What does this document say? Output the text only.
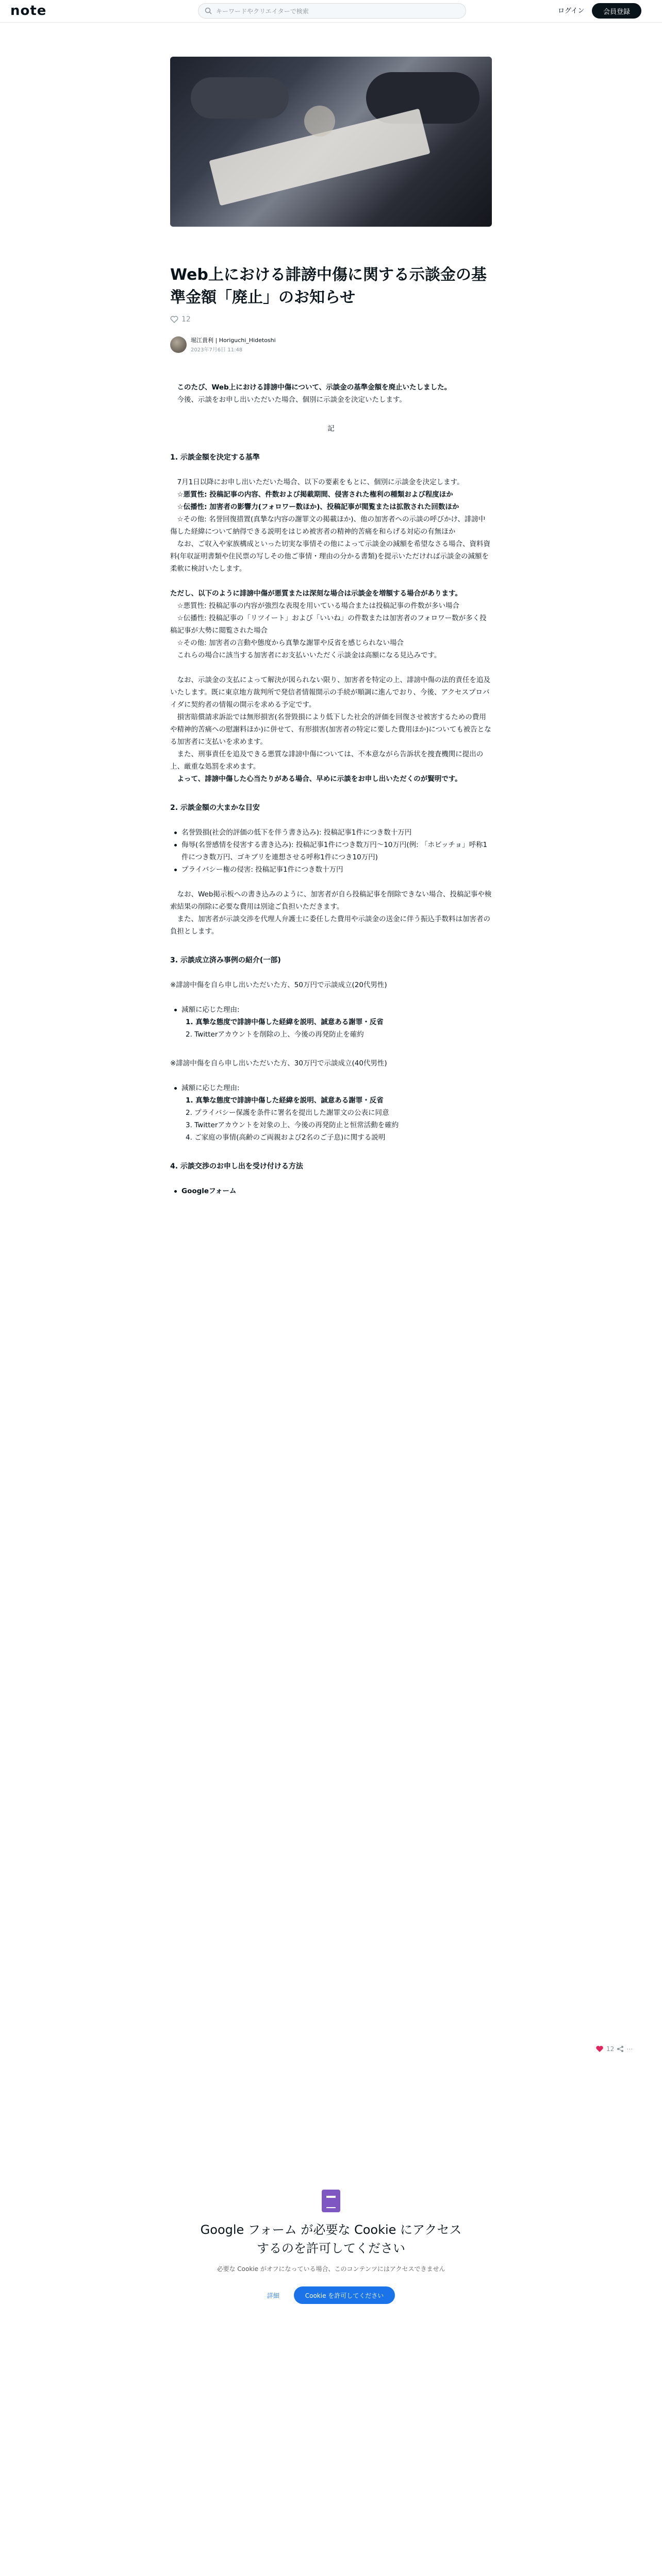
note	キーワードやクリエイターで検索	ログイン	会員登録
Web上における誹謗中傷に関する示談金の基準金額「廃止」のお知らせ
12
堀江貴利 | Horiguchi_Hidetoshi
2023年7月6日 11:48

このたび、Web上における誹謗中傷について、示談金の基準金額を廃止いたしました。

今後、示談をお申し出いただいた場合、個別に示談金を決定いたします。

記

1. 示談金額を決定する基準

7月1日以降にお申し出いただいた場合、以下の要素をもとに、個別に示談金を決定します。

☆悪質性: 投稿記事の内容、件数および掲載期間、侵害された権利の種類および程度ほか

☆伝播性: 加害者の影響力(フォロワー数ほか)、投稿記事が閲覧または拡散された回数ほか

☆その他: 名誉回復措置(真摯な内容の謝罪文の掲載ほか)、他の加害者への示談の呼びかけ、誹謗中傷した経緯について納得できる説明をはじめ被害者の精神的苦痛を和らげる対応の有無ほか

なお、ご収入や家族構成といった切実な事情その他によって示談金の減額を希望なさる場合、資料資料(年収証明書類や住民票の写しその他ご事情・理由の分かる書類)を提示いただければ示談金の減額を柔軟に検討いたします。

ただし、以下のように誹謗中傷が悪質または深刻な場合は示談金を増額する場合があります。

☆悪質性: 投稿記事の内容が強烈な表現を用いている場合または投稿記事の件数が多い場合

☆伝播性: 投稿記事の「リツイート」および「いいね」の件数または加害者のフォロワー数が多く投稿記事が大勢に閲覧された場合

☆その他: 加害者の言動や態度から真摯な謝罪や反省を感じられない場合

これらの場合に該当する加害者にお支払いいただく示談金は高額になる見込みです。

なお、示談金の支払によって解決が図られない限り、加害者を特定の上、誹謗中傷の法的責任を追及いたします。既に東京地方裁判所で発信者情報開示の手続が順調に進んでおり、今後、アクセスプロバイダに契約者の情報の開示を求める予定です。

損害賠償請求訴訟では無形損害(名誉毀損により低下した社会的評価を回復させ被害するための費用や精神的苦痛への慰謝料ほか)に併せて、有形損害(加害者の特定に要した費用ほか)についても被告となる加害者に支払いを求めます。

また、刑事責任を追及できる悪質な誹謗中傷については、不本意ながら告訴状を捜査機関に提出の上、厳重な処罰を求めます。

よって、誹謗中傷した心当たりがある場合、早めに示談をお申し出いただくのが賢明です。

2. 示談金額の大まかな目安
名誉毀損(社会的評価の低下を伴う書き込み): 投稿記事1件につき数十万円
侮辱(名誉感情を侵害する書き込み): 投稿記事1件につき数万円〜10万円(例: 「ホビッチョ」呼称1件につき数万円、ゴキブリを連想させる呼称1件につき10万円)
プライバシー権の侵害: 投稿記事1件につき数十万円

なお、Web掲示板への書き込みのように、加害者が自ら投稿記事を削除できない場合、投稿記事や検索結果の削除に必要な費用は別途ご負担いただきます。

また、加害者が示談交渉を代理人弁護士に委任した費用や示談金の送金に伴う振込手数料は加害者の負担とします。

3. 示談成立済み事例の紹介(一部)

※誹謗中傷を自ら申し出いただいた方、50万円で示談成立(20代男性)

減額に応じた理由:

1. 真摯な態度で誹謗中傷した経緯を説明、誠意ある謝罪・反省

2. Twitterアカウントを削除の上、今後の再発防止を確約

※誹謗中傷を自ら申し出いただいた方、30万円で示談成立(40代男性)

減額に応じた理由:

1. 真摯な態度で誹謗中傷した経緯を説明、誠意ある謝罪・反省

2. プライバシー保護を条件に署名を提出した謝罪文の公表に同意

3. Twitterアカウントを対象の上、今後の再発防止と恒常活動を確約

4. ご家庭の事情(高齢のご両親および2名のご子息)に関する説明

4. 示談交渉のお申し出を受け付ける方法
Googleフォーム
12 ⋯
Google フォーム が必要な Cookie にアクセスするのを許可してください

必要な Cookie がオフになっている場合、このコンテンツにはアクセスできません

詳細	Cookie を許可してください
